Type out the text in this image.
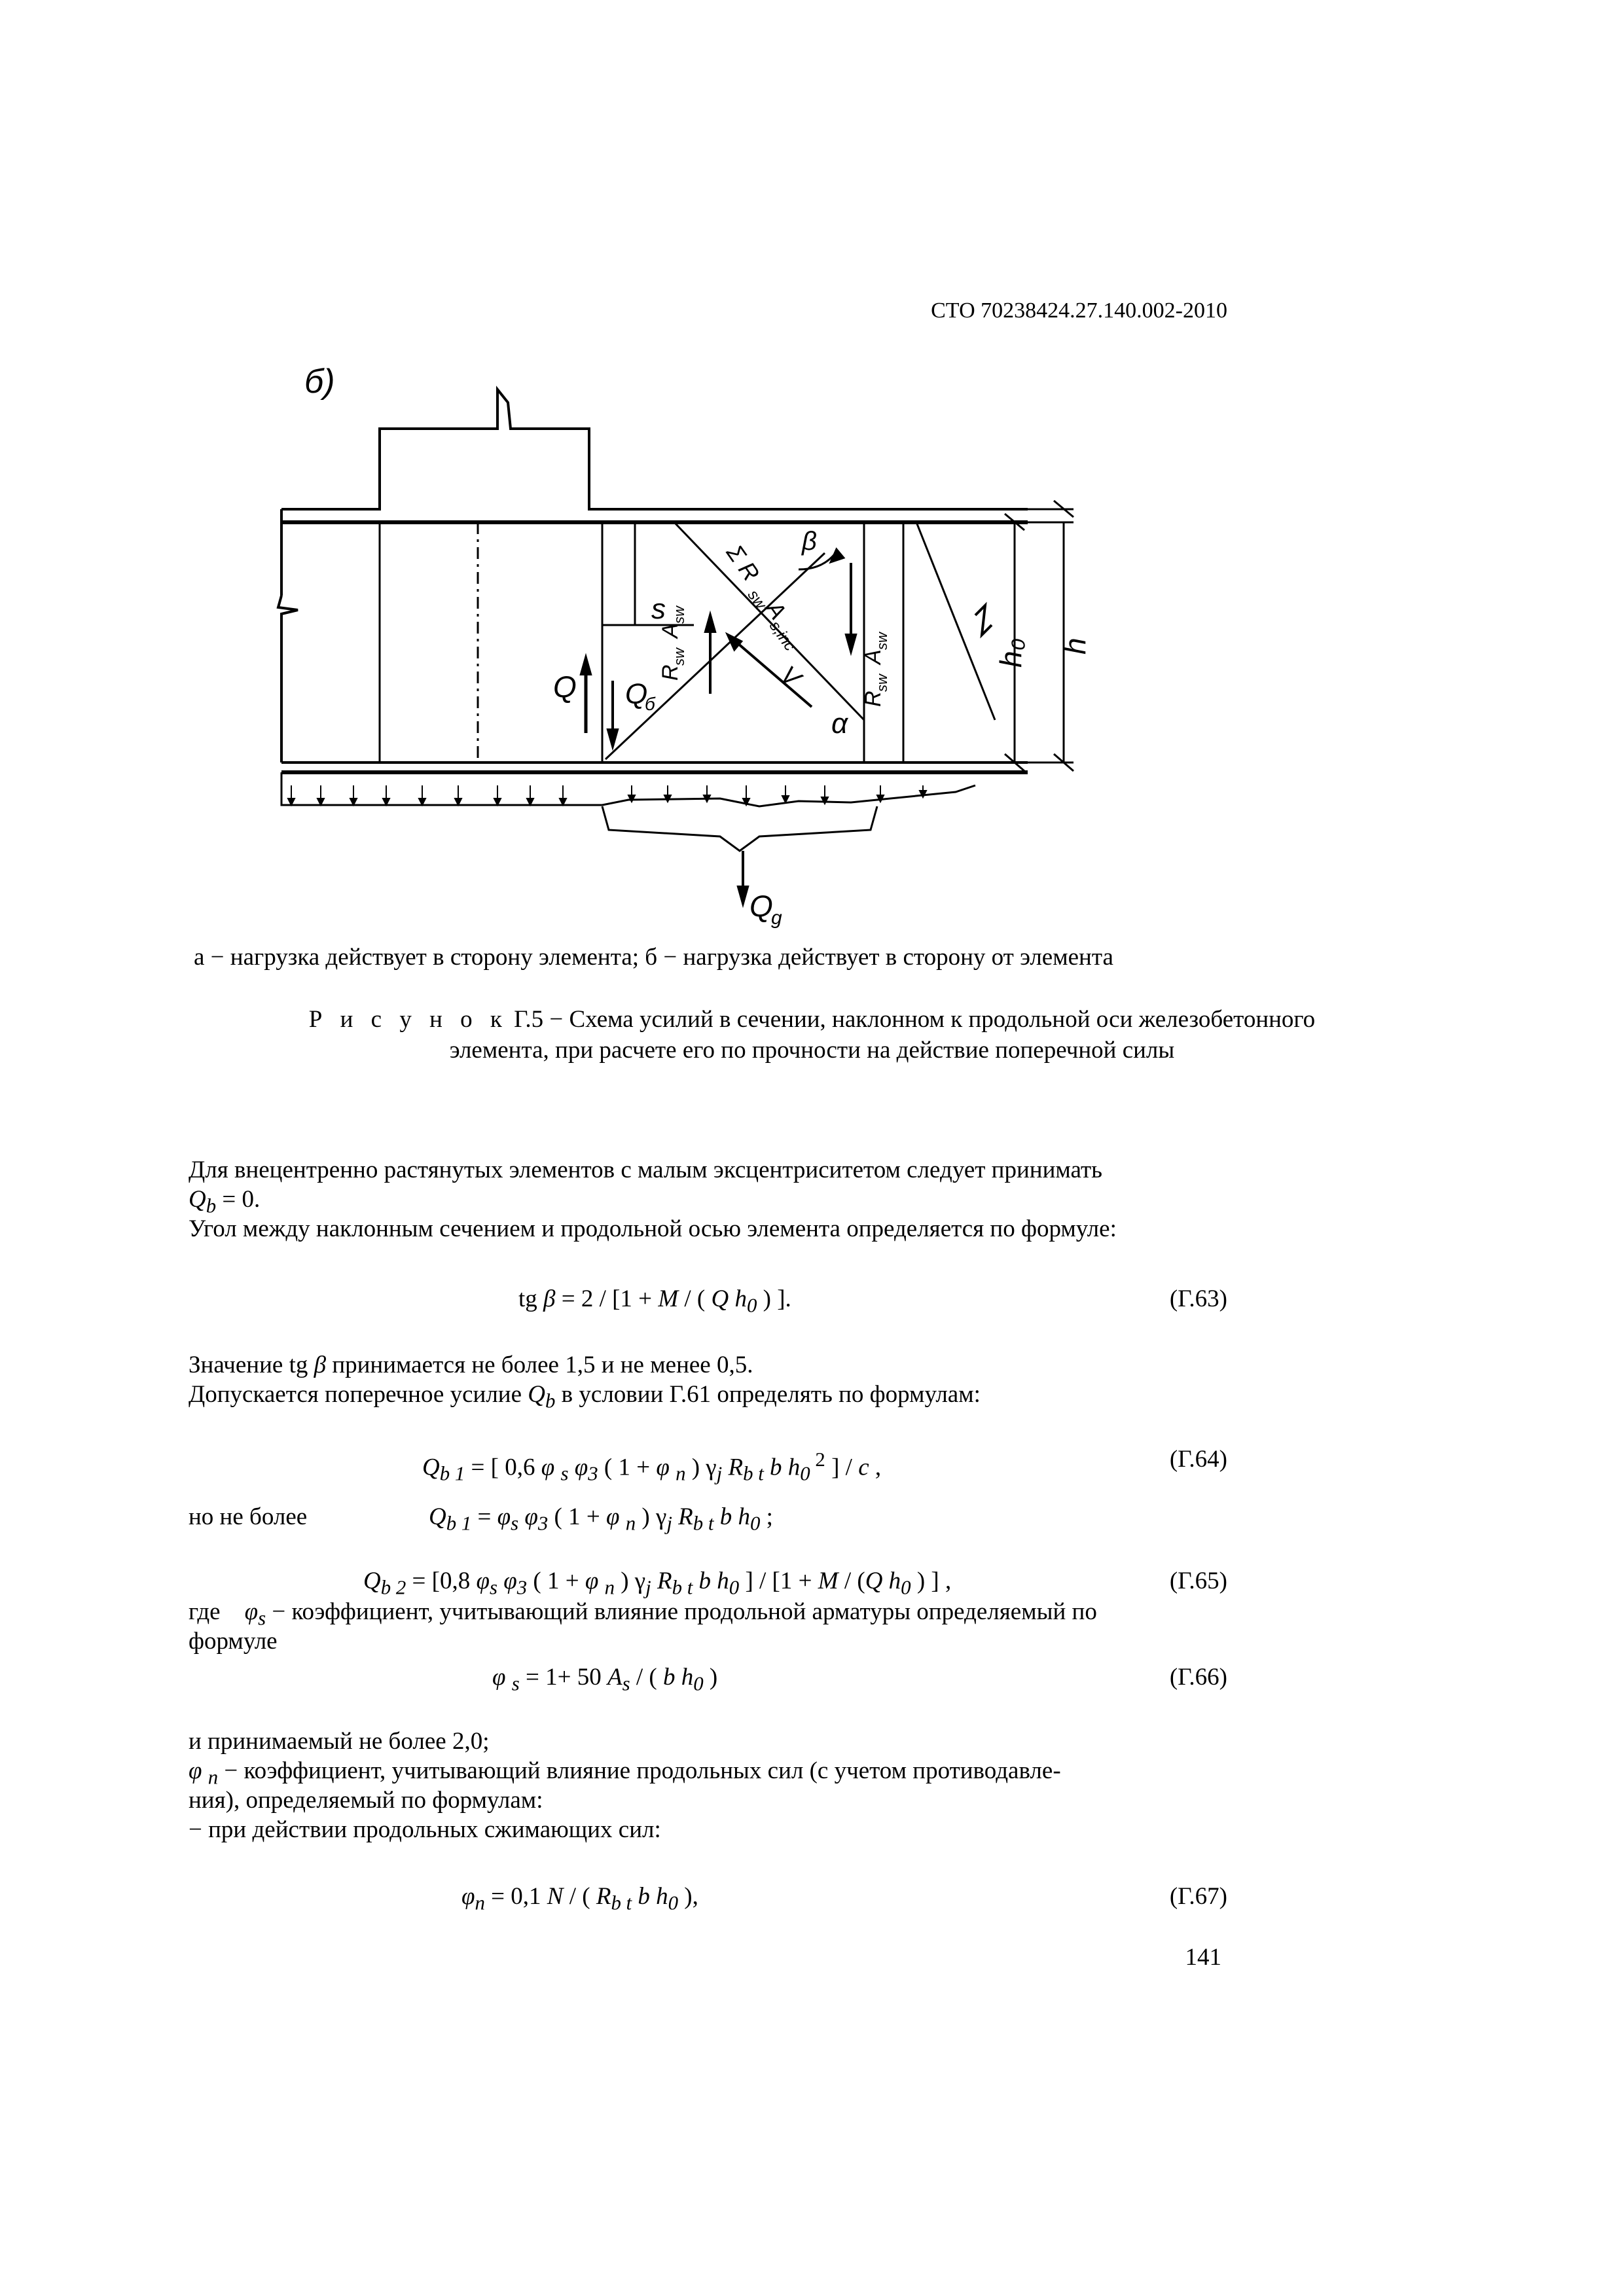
СТО 70238424.27.140.002-2010
б)
s
β
α
Q Q
б
Q
g
h₀ h
Σ R
sw
A
s,inc
R
sw
A
sw
R
sw
A
sw
V
а − нагрузка действует в сторону элемента; б − нагрузка действует в сторону от элемента
Р и с у н о к Г.5 − Схема усилий в сечении, наклонном к продольной оси железобетонного
элемента, при расчете его по прочности на действие поперечной силы
Для внецентренно растянутых элементов с малым эксцентриситетом следует принимать
$Q_b = 0$.
Угол между наклонным сечением и продольной осью элемента определяется по формуле:
tg β = 2 / [1 + M / ( Q $h_0$ ) ].	(Г.63)
Значение tg β принимается не более 1,5 и не менее 0,5.
Допускается поперечное усилие $Q_b$ в условии Г.61 определять по формулам:
$Q_{b 1}$ = [ 0,6 φ $_s$ $\varphi_3$ ( 1 + φ $_n$ ) $\gamma_j$ $R_{b t}$ b $h_0$ $^2$ ] / c ,	(Г.64)
но не более	$Q_{b 1} = \varphi_s$ $\varphi_3$ ( 1 + φ $_n$ ) $\gamma_j$ $R_{b t}$ b $h_0$ ;
$Q_{b 2} = [0,8$ $\varphi_s$ $\varphi_3$ ( 1 + φ $_n$ ) $\gamma_j$ $R_{b t}$ b $h_0$ ] / [1 + M / (Q $h_0$ ) ] ,	(Г.65)
где    $\varphi_s$ − коэффициент, учитывающий влияние продольной арматуры определяемый по
формуле
φ $_s$ = 1+ 50 $A_s$ / ( b $h_0$ )	(Г.66)
и принимаемый не более 2,0;
φ $_n$ − коэффициент, учитывающий влияние продольных сил (с учетом противодавле-
ния), определяемый по формулам:
− при действии продольных сжимающих сил:
$\varphi_n = 0,1$ N / ( $R_{b t}$ b $h_0$ ),	(Г.67)
141
